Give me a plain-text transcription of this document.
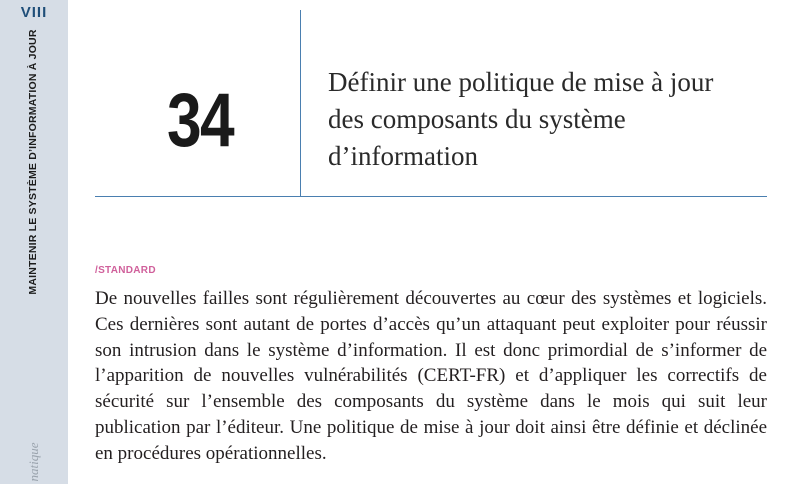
VIII
MAINTENIR LE SYSTÈME D’INFORMATION À JOUR
natique
34	Définir une politique de mise à jour des composants du système d’information
/STANDARD

De nouvelles failles sont régulièrement découvertes au cœur des systèmes et logiciels. Ces dernières sont autant de portes d’accès qu’un attaquant peut exploiter pour réussir son intrusion dans le système d’information. Il est donc primordial de s’informer de l’apparition de nouvelles vulnérabilités (CERT-FR) et d’appliquer les correctifs de sécurité sur l’ensemble des composants du système dans le mois qui suit leur publication par l’éditeur. Une politique de mise à jour doit ainsi être définie et déclinée en procédures opérationnelles.
